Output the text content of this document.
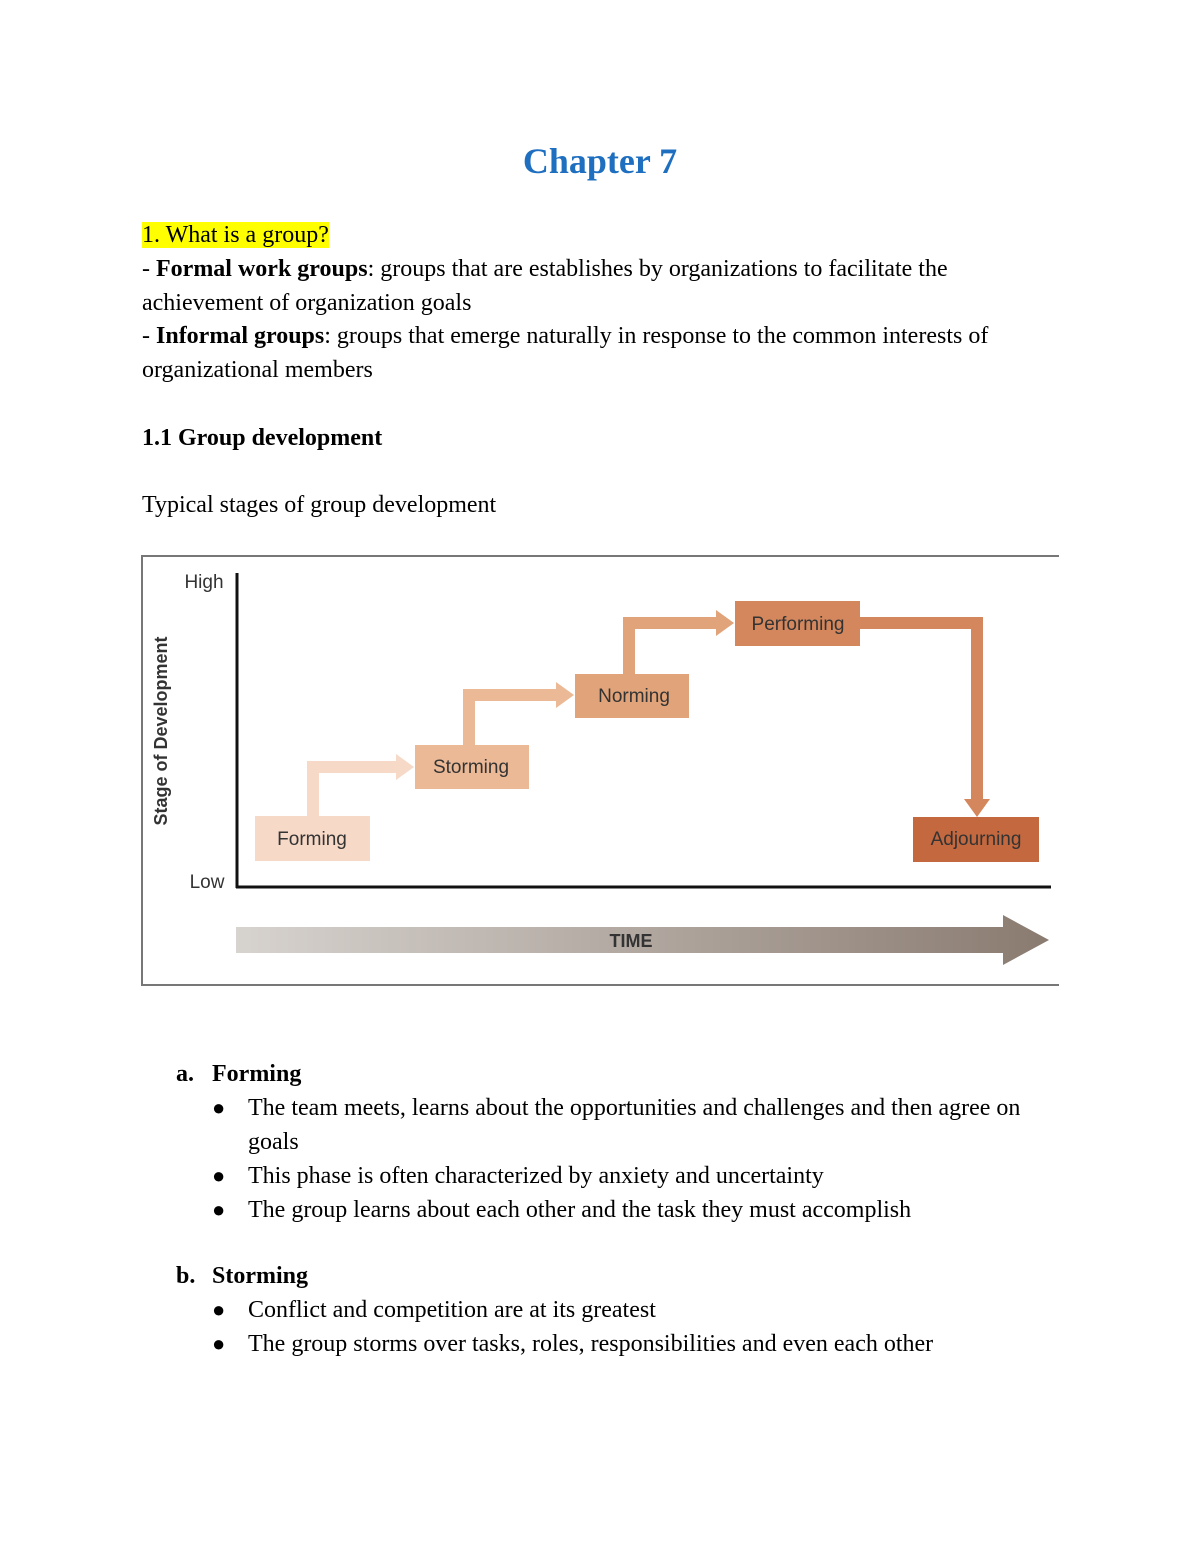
Chapter 7
1. What is a group?
- Formal work groups: groups that are establishes by organizations to facilitate the
achievement of organization goals
- Informal groups: groups that emerge naturally in response to the common interests of
organizational members
1.1 Group development
Typical stages of group development
High
Low
Stage of Development
Forming
Storming
Norming
Performing
Adjourning
TIME
a. Forming
● The team meets, learns about the opportunities and challenges and then agree on goals
● This phase is often characterized by anxiety and uncertainty
● The group learns about each other and the task they must accomplish
b. Storming
● Conflict and competition are at its greatest
● The group storms over tasks, roles, responsibilities and even each other
